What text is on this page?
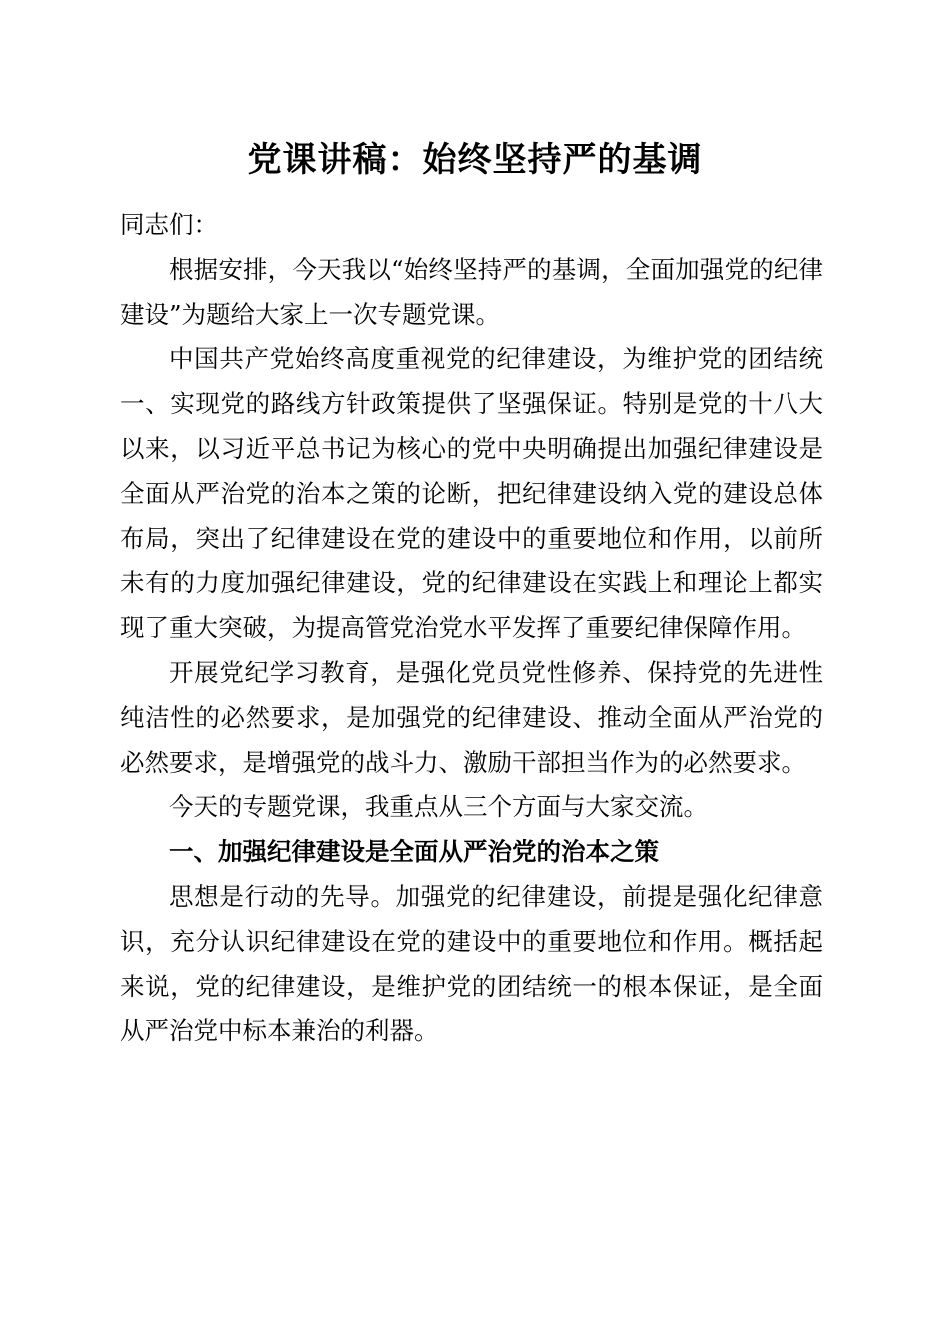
党课讲稿：始终坚持严的基调

同志们：

根据安排，今天我以“始终坚持严的基调，全面加强党的纪律建设”为题给大家上一次专题党课。

中国共产党始终高度重视党的纪律建设，为维护党的团结统一、实现党的路线方针政策提供了坚强保证。特别是党的十八大以来，以习近平总书记为核心的党中央明确提出加强纪律建设是全面从严治党的治本之策的论断，把纪律建设纳入党的建设总体布局，突出了纪律建设在党的建设中的重要地位和作用，以前所未有的力度加强纪律建设，党的纪律建设在实践上和理论上都实现了重大突破，为提高管党治党水平发挥了重要纪律保障作用。

开展党纪学习教育，是强化党员党性修养、保持党的先进性纯洁性的必然要求，是加强党的纪律建设、推动全面从严治党的必然要求，是增强党的战斗力、激励干部担当作为的必然要求。

今天的专题党课，我重点从三个方面与大家交流。

一、加强纪律建设是全面从严治党的治本之策

思想是行动的先导。加强党的纪律建设，前提是强化纪律意识，充分认识纪律建设在党的建设中的重要地位和作用。概括起来说，党的纪律建设，是维护党的团结统一的根本保证，是全面从严治党中标本兼治的利器。
